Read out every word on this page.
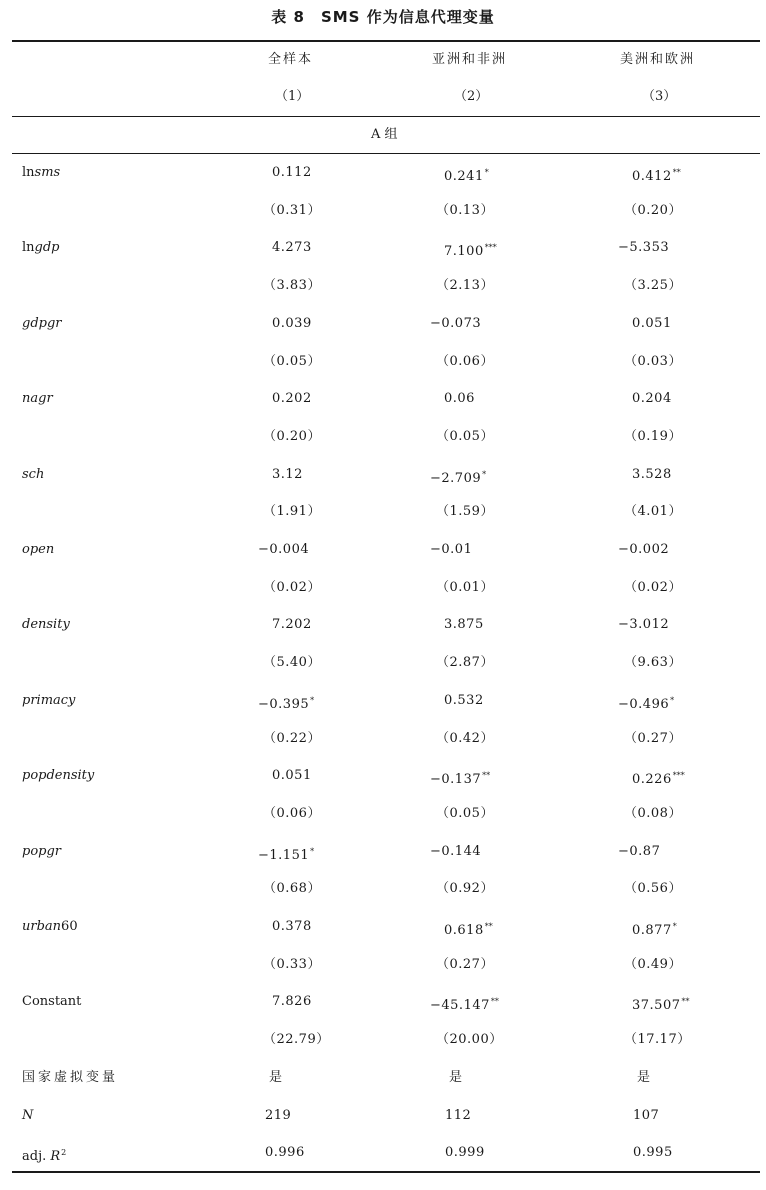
表 8　SMS 作为信息代理变量
全样本	亚洲和非洲	美洲和欧洲
（1）	（2）	（3）
A 组
lnsms	0.112	0.241*	0.412**
（0.31）	（0.13）	（0.20）
lngdp	4.273	7.100***	−5.353
（3.83）	（2.13）	（3.25）
gdpgr	0.039	−0.073	0.051
（0.05）	（0.06）	（0.03）
nagr	0.202	0.06	0.204
（0.20）	（0.05）	（0.19）
sch	3.12	−2.709*	3.528
（1.91）	（1.59）	（4.01）
open	−0.004	−0.01	−0.002
（0.02）	（0.01）	（0.02）
density	7.202	3.875	−3.012
（5.40）	（2.87）	（9.63）
primacy	−0.395*	0.532	−0.496*
（0.22）	（0.42）	（0.27）
popdensity	0.051	−0.137**	0.226***
（0.06）	（0.05）	（0.08）
popgr	−1.151*	−0.144	−0.87
（0.68）	（0.92）	（0.56）
urban60	0.378	0.618**	0.877*
（0.33）	（0.27）	（0.49）
Constant	7.826	−45.147**	37.507**
（22.79）	（20.00）	（17.17）
国家虚拟变量	是	是	是
N	219	112	107
adj. $R^2$	0.996	0.999	0.995
